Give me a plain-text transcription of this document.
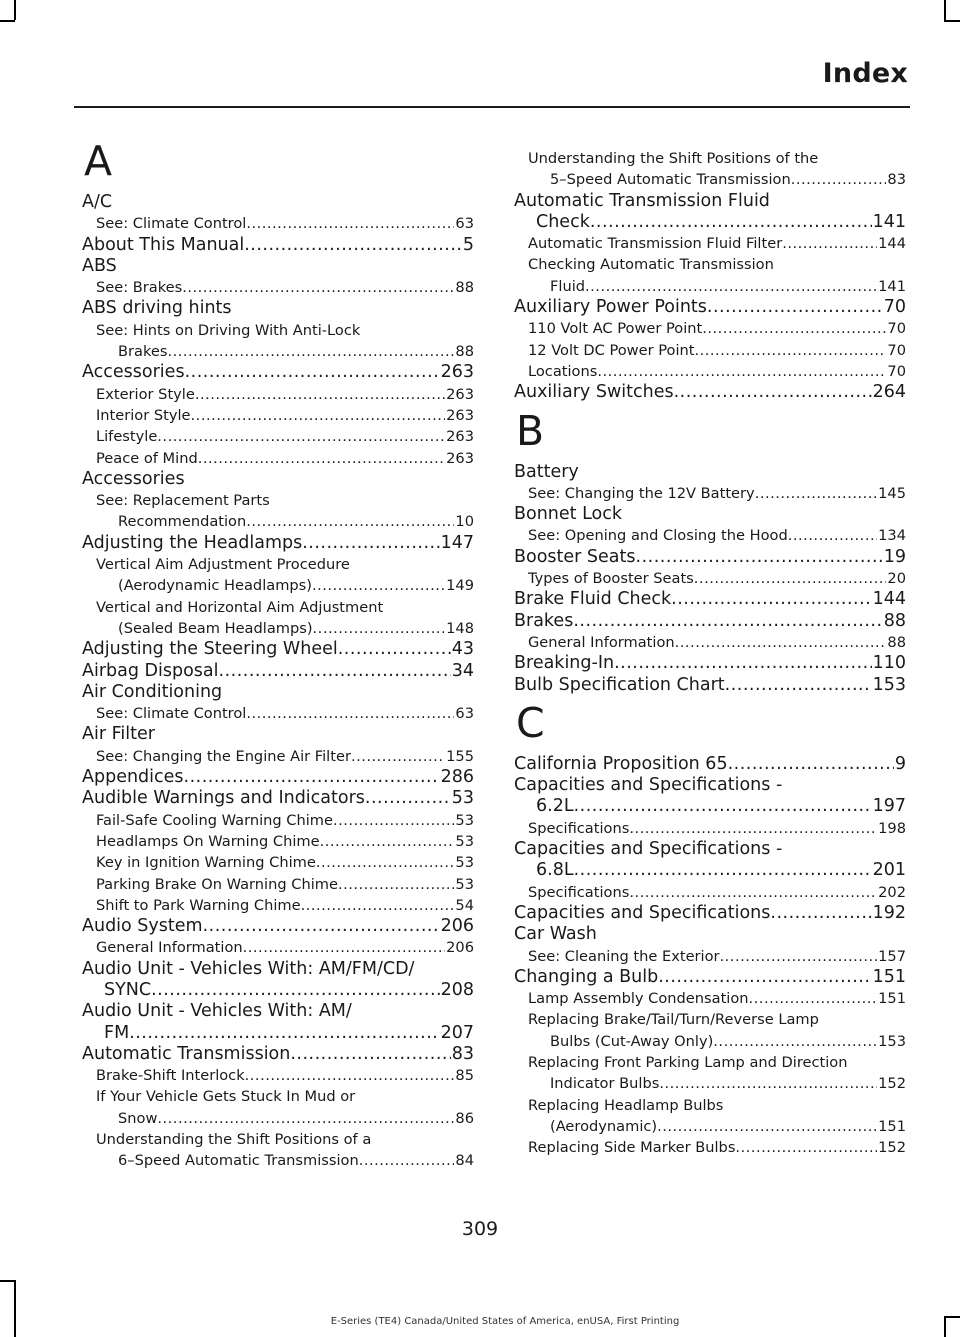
Index
A
A/C
See: Climate Control .....	63
About This Manual .....	5
ABS
See: Brakes .....	88
ABS driving hints
See: Hints on Driving With Anti-Lock
Brakes .....	88
Accessories .....	263
Exterior Style .....	263
Interior Style .....	263
Lifestyle .....	263
Peace of Mind .....	263
Accessories
See: Replacement Parts
Recommendation .....	10
Adjusting the Headlamps .....	147
Vertical Aim Adjustment Procedure
(Aerodynamic Headlamps) .....	149
Vertical and Horizontal Aim Adjustment
(Sealed Beam Headlamps) .....	148
Adjusting the Steering Wheel .....	43
Airbag Disposal .....	34
Air Conditioning
See: Climate Control .....	63
Air Filter
See: Changing the Engine Air Filter .....	155
Appendices .....	286
Audible Warnings and Indicators .....	53
Fail-Safe Cooling Warning Chime .....	53
Headlamps On Warning Chime .....	53
Key in Ignition Warning Chime .....	53
Parking Brake On Warning Chime .....	53
Shift to Park Warning Chime .....	54
Audio System .....	206
General Information .....	206
Audio Unit - Vehicles With: AM/FM/CD/
SYNC .....	208
Audio Unit - Vehicles With: AM/
FM .....	207
Automatic Transmission .....	83
Brake-Shift Interlock .....	85
If Your Vehicle Gets Stuck In Mud or
Snow .....	86
Understanding the Shift Positions of a
6–Speed Automatic Transmission .....	84
Understanding the Shift Positions of the
5–Speed Automatic Transmission .....	83
Automatic Transmission Fluid
Check .....	141
Automatic Transmission Fluid Filter .....	144
Checking Automatic Transmission
Fluid .....	141
Auxiliary Power Points .....	70
110 Volt AC Power Point .....	70
12 Volt DC Power Point .....	70
Locations .....	70
Auxiliary Switches .....	264
B
Battery
See: Changing the 12V Battery .....	145
Bonnet Lock
See: Opening and Closing the Hood .....	134
Booster Seats .....	19
Types of Booster Seats .....	20
Brake Fluid Check .....	144
Brakes .....	88
General Information .....	88
Breaking-In .....	110
Bulb Specification Chart .....	153
C
California Proposition 65 .....	9
Capacities and Specifications -
6.2L .....	197
Specifications .....	198
Capacities and Specifications -
6.8L .....	201
Specifications .....	202
Capacities and Specifications .....	192
Car Wash
See: Cleaning the Exterior .....	157
Changing a Bulb .....	151
Lamp Assembly Condensation .....	151
Replacing Brake/Tail/Turn/Reverse Lamp
Bulbs (Cut-Away Only) .....	153
Replacing Front Parking Lamp and Direction
Indicator Bulbs .....	152
Replacing Headlamp Bulbs
(Aerodynamic) .....	151
Replacing Side Marker Bulbs .....	152
309
E-Series (TE4) Canada/United States of America, enUSA, First Printing
